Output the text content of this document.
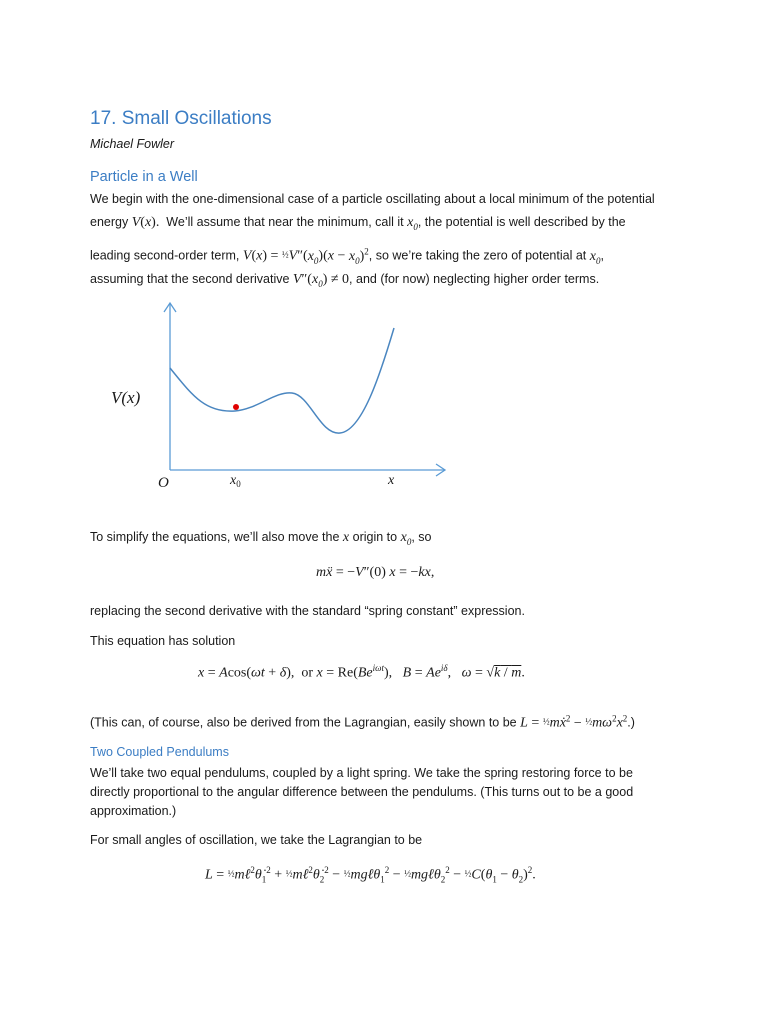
17. Small Oscillations
Michael Fowler
Particle in a Well
We begin with the one-dimensional case of a particle oscillating about a local minimum of the potential
energy V(x). We’ll assume that near the minimum, call it $x_0$, the potential is well described by the
leading second-order term, $V(x) = \frac{1}{2}V''(x_0)(x - x_0)^2$, so we’re taking the zero of potential at $x_0$,
assuming that the second derivative $V''(x_0) \ne 0$, and (for now) neglecting higher order terms.
V(x)
O	$x_0$	x
To simplify the equations, we’ll also move the x origin to $x_0$, so
mẍ = −V″(0) x = −kx,
replacing the second derivative with the standard “spring constant” expression.
This equation has solution
x = Acos(ωt + δ),  or $x = Re(Be^{i\omega t})$,   $B = Ae^{i\delta}$,   ω = √k / m.
(This can, of course, also be derived from the Lagrangian, easily shown to be L = ½mẋ$^2$ − $\frac{1}{2}m\omega^2x^2$.)
Two Coupled Pendulums
We’ll take two equal pendulums, coupled by a light spring. We take the spring restoring force to be
directly proportional to the angular difference between the pendulums. (This turns out to be a good
approximation.)
For small angles of oscillation, we take the Lagrangian to be
$L = \frac{1}{2}m\ell^2\thetȧ_1^2$ + $\frac{1}{2}m\ell^2\thetȧ_2^2$ − ½mgℓθ$_1^2$ − ½mgℓθ$_2^2$ − $\frac{1}{2}C(\theta_1 - \theta_2)^2$.
